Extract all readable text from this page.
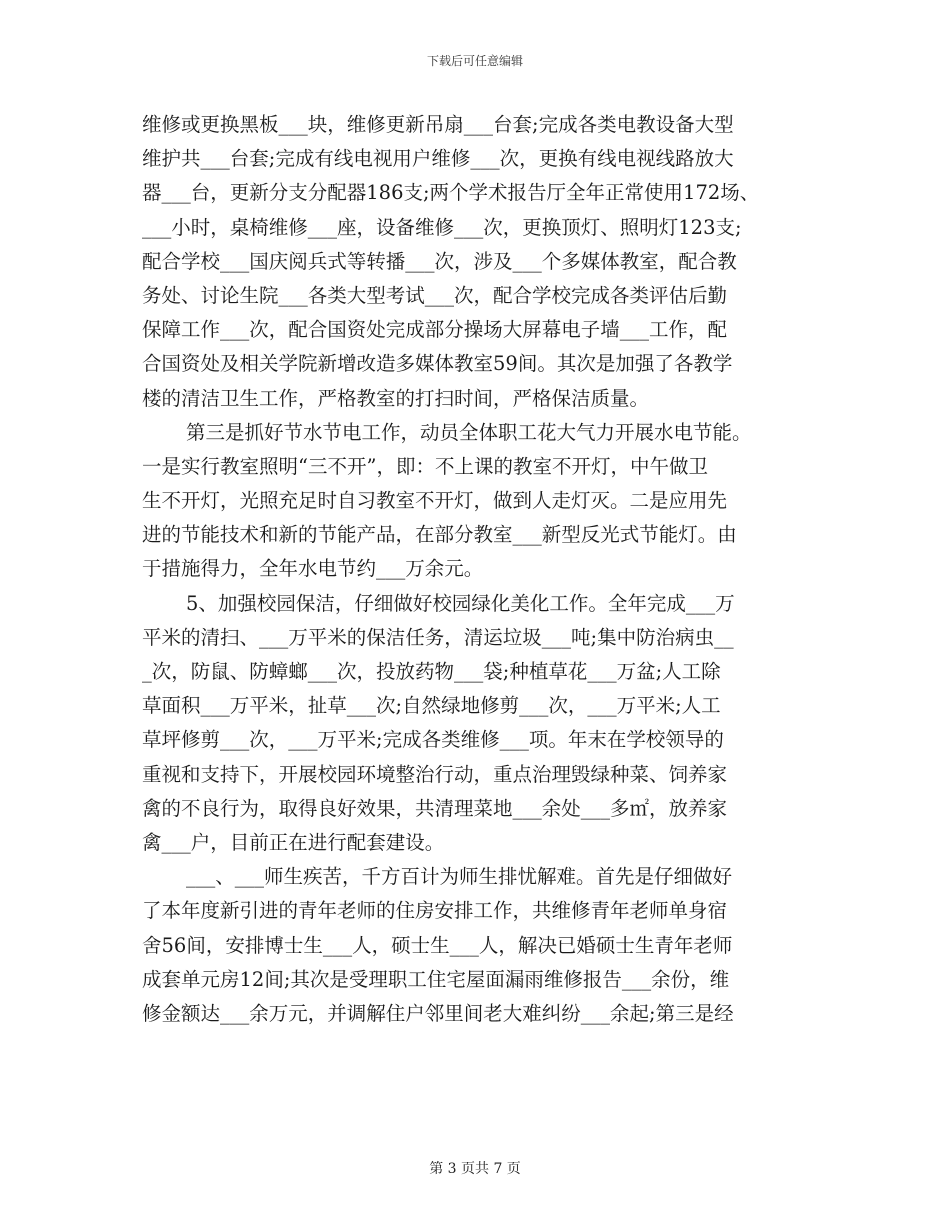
下载后可任意编辑
维修或更换黑板___块，维修更新吊扇___台套;完成各类电教设备大型
维护共___台套;完成有线电视用户维修___次，更换有线电视线路放大
器___台，更新分支分配器186支;两个学术报告厅全年正常使用172场、
___小时，桌椅维修___座，设备维修___次，更换顶灯、照明灯123支;
配合学校___国庆阅兵式等转播___次，涉及___个多媒体教室，配合教
务处、讨论生院___各类大型考试___次，配合学校完成各类评估后勤
保障工作___次，配合国资处完成部分操场大屏幕电子墙___工作，配
合国资处及相关学院新增改造多媒体教室59间。其次是加强了各教学
楼的清洁卫生工作，严格教室的打扫时间，严格保洁质量。
第三是抓好节水节电工作，动员全体职工花大气力开展水电节能。
一是实行教室照明“三不开”，即：不上课的教室不开灯，中午做卫
生不开灯，光照充足时自习教室不开灯，做到人走灯灭。二是应用先
进的节能技术和新的节能产品，在部分教室___新型反光式节能灯。由
于措施得力，全年水电节约___万余元。
5、加强校园保洁，仔细做好校园绿化美化工作。全年完成___万
平米的清扫、___万平米的保洁任务，清运垃圾___吨;集中防治病虫__
_次，防鼠、防蟑螂___次，投放药物___袋;种植草花___万盆;人工除
草面积___万平米，扯草___次;自然绿地修剪___次，___万平米;人工
草坪修剪___次，___万平米;完成各类维修___项。年末在学校领导的
重视和支持下，开展校园环境整治行动，重点治理毁绿种菜、饲养家
禽的不良行为，取得良好效果，共清理菜地___余处___多㎡，放养家
禽___户，目前正在进行配套建设。
___、___师生疾苦，千方百计为师生排忧解难。首先是仔细做好
了本年度新引进的青年老师的住房安排工作，共维修青年老师单身宿
舍56间，安排博士生___人，硕士生___人，解决已婚硕士生青年老师
成套单元房12间;其次是受理职工住宅屋面漏雨维修报告___余份，维
修金额达___余万元，并调解住户邻里间老大难纠纷___余起;第三是经
第 3 页共 7 页
